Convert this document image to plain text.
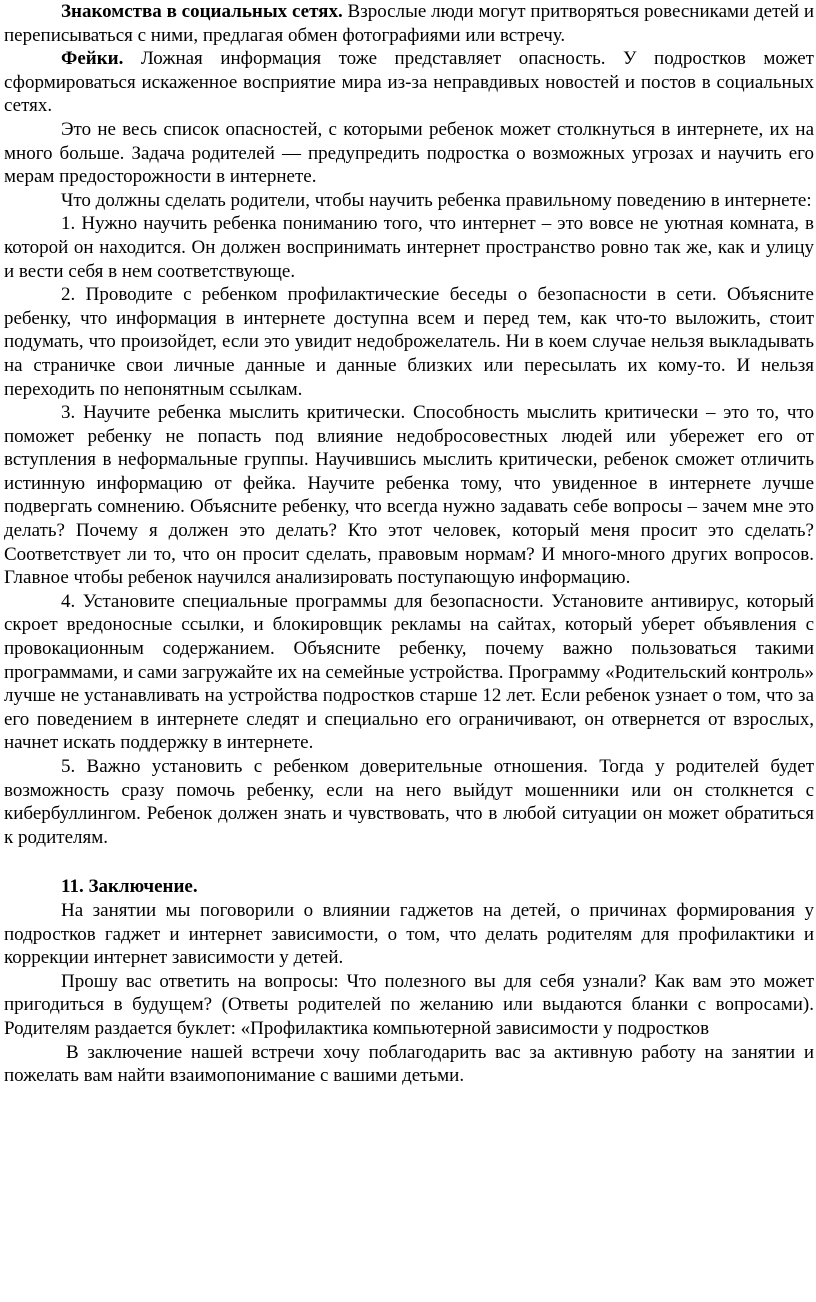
Знакомства в социальных сетях. Взрослые люди могут притворяться ровесниками детей и переписываться с ними, предлагая обмен фотографиями или встречу.

Фейки. Ложная информация тоже представляет опасность. У подростков может сформироваться искаженное восприятие мира из-за неправдивых новостей и постов в социальных сетях.

Это не весь список опасностей, с которыми ребенок может столкнуться в интернете, их на много больше. Задача родителей — предупредить подростка о возможных угрозах и научить его мерам предосторожности в интернете.

Что должны сделать родители, чтобы научить ребенка правильному поведению в интернете:

1. Нужно научить ребенка пониманию того, что интернет – это вовсе не уютная комната, в которой он находится. Он должен воспринимать интернет пространство ровно так же, как и улицу и вести себя в нем соответствующе.

2. Проводите с ребенком профилактические беседы о безопасности в сети. Объясните ребенку, что информация в интернете доступна всем и перед тем, как что-то выложить, стоит подумать, что произойдет, если это увидит недоброжелатель. Ни в коем случае нельзя выкладывать на страничке свои личные данные и данные близких или пересылать их кому-то. И нельзя переходить по непонятным ссылкам.

3. Научите ребенка мыслить критически. Способность мыслить критически – это то, что поможет ребенку не попасть под влияние недобросовестных людей или убережет его от вступления в неформальные группы. Научившись мыслить критически, ребенок сможет отличить истинную информацию от фейка. Научите ребенка тому, что увиденное в интернете лучше подвергать сомнению. Объясните ребенку, что всегда нужно задавать себе вопросы – зачем мне это делать? Почему я должен это делать? Кто этот человек, который меня просит это сделать? Соответствует ли то, что он просит сделать, правовым нормам? И много-много других вопросов. Главное чтобы ребенок научился анализировать поступающую информацию.

4. Установите специальные программы для безопасности. Установите антивирус, который скроет вредоносные ссылки, и блокировщик рекламы на сайтах, который уберет объявления с провокационным содержанием. Объясните ребенку, почему важно пользоваться такими программами, и сами загружайте их на семейные устройства. Программу «Родительский контроль» лучше не устанавливать на устройства подростков старше 12 лет. Если ребенок узнает о том, что за его поведением в интернете следят и специально его ограничивают, он отвернется от взрослых, начнет искать поддержку в интернете.

5. Важно установить с ребенком доверительные отношения. Тогда у родителей будет возможность сразу помочь ребенку, если на него выйдут мошенники или он столкнется с кибербуллингом. Ребенок должен знать и чувствовать, что в любой ситуации он может обратиться к родителям.

11. Заключение.

На занятии мы поговорили о влиянии гаджетов на детей, о причинах формирования у подростков гаджет и интернет зависимости, о том, что делать родителям для профилактики и коррекции интернет зависимости у детей.

Прошу вас ответить на вопросы: Что полезного вы для себя узнали? Как вам это может пригодиться в будущем? (Ответы родителей по желанию или выдаются бланки с вопросами). Родителям раздается буклет: «Профилактика компьютерной зависимости у подростков

В заключение нашей встречи хочу поблагодарить вас за активную работу на занятии и пожелать вам найти взаимопонимание с вашими детьми.
